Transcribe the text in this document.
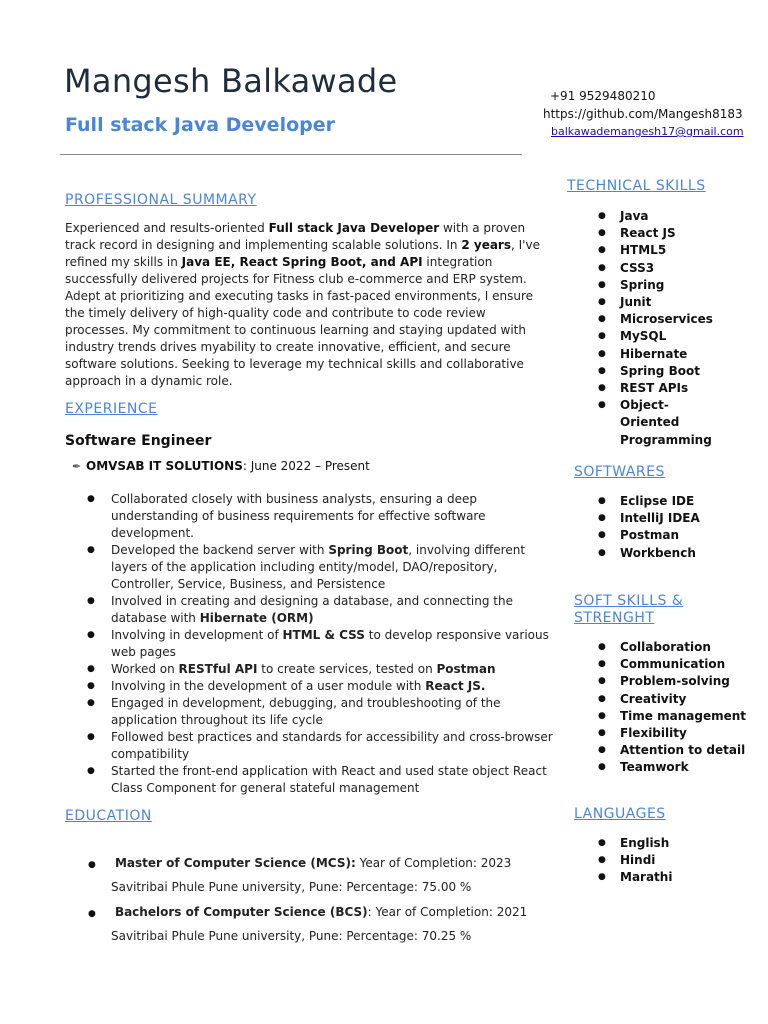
Mangesh Balkawade
Full stack Java Developer
+91 9529480210
https://github.com/Mangesh8183
balkawademangesh17@gmail.com
PROFESSIONAL SUMMARY
Experienced and results-oriented Full stack Java Developer with a proven track record in designing and implementing scalable solutions. In 2 years, I've refined my skills in Java EE, React Spring Boot, and API integration successfully delivered projects for Fitness club e-commerce and ERP system. Adept at prioritizing and executing tasks in fast-paced environments, I ensure the timely delivery of high-quality code and contribute to code review processes. My commitment to continuous learning and staying updated with industry trends drives myability to create innovative, efficient, and secure software solutions. Seeking to leverage my technical skills and collaborative approach in a dynamic role.
EXPERIENCE
Software Engineer
✒ OMVSAB IT SOLUTIONS: June 2022 – Present
● Collaborated closely with business analysts, ensuring a deep understanding of business requirements for effective software development.
● Developed the backend server with Spring Boot, involving different layers of the application including entity/model, DAO/repository, Controller, Service, Business, and Persistence
● Involved in creating and designing a database, and connecting the database with Hibernate (ORM)
● Involving in development of HTML & CSS to develop responsive various web pages
● Worked on RESTful API to create services, tested on Postman
● Involving in the development of a user module with React JS.
● Engaged in development, debugging, and troubleshooting of the application throughout its life cycle
● Followed best practices and standards for accessibility and cross-browser compatibility
● Started the front-end application with React and used state object React Class Component for general stateful management
EDUCATION
● Master of Computer Science (MCS): Year of Completion: 2023
Savitribai Phule Pune university, Pune: Percentage: 75.00 %
● Bachelors of Computer Science (BCS): Year of Completion: 2021
Savitribai Phule Pune university, Pune: Percentage: 70.25 %
TECHNICAL SKILLS
● Java
● React JS
● HTML5
● CSS3
● Spring
● Junit
● Microservices
● MySQL
● Hibernate
● Spring Boot
● REST APIs
● Object-Oriented Programming
SOFTWARES
● Eclipse IDE
● IntelliJ IDEA
● Postman
● Workbench
SOFT SKILLS &
STRENGHT
● Collaboration
● Communication
● Problem-solving
● Creativity
● Time management
● Flexibility
● Attention to detail
● Teamwork
LANGUAGES
● English
● Hindi
● Marathi
